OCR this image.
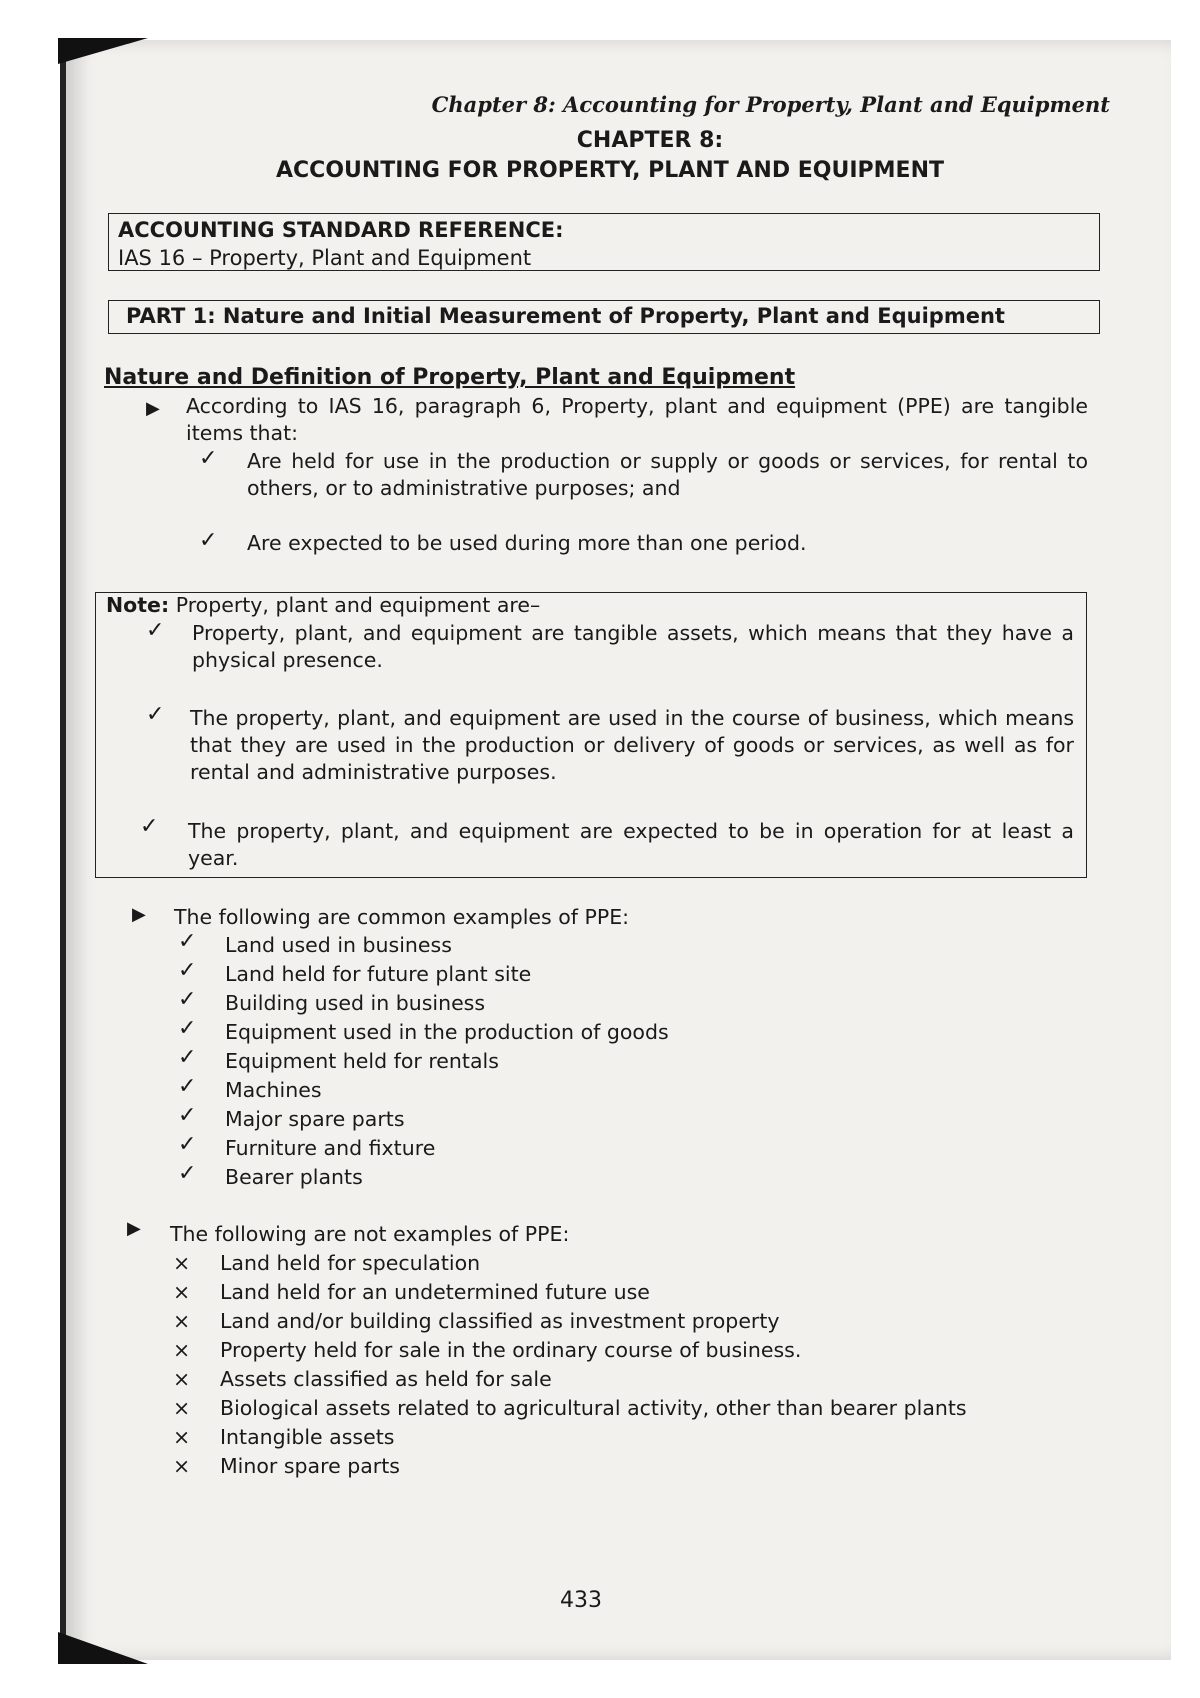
Chapter 8: Accounting for Property, Plant and Equipment
CHAPTER 8:
ACCOUNTING FOR PROPERTY, PLANT AND EQUIPMENT
ACCOUNTING STANDARD REFERENCE:
IAS 16 – Property, Plant and Equipment
PART 1: Nature and Initial Measurement of Property, Plant and Equipment
Nature and Definition of Property, Plant and Equipment
▶ According to IAS 16, paragraph 6, Property, plant and equipment (PPE) are tangible items that:
✓ Are held for use in the production or supply or goods or services, for rental to others, or to administrative purposes; and
✓ Are expected to be used during more than one period.
Note: Property, plant and equipment are–
✓ Property, plant, and equipment are tangible assets, which means that they have a physical presence.
✓ The property, plant, and equipment are used in the course of business, which means that they are used in the production or delivery of goods or services, as well as for rental and administrative purposes.
✓ The property, plant, and equipment are expected to be in operation for at least a year.
▶ The following are common examples of PPE:
✓ Land used in business
✓ Land held for future plant site
✓ Building used in business
✓ Equipment used in the production of goods
✓ Equipment held for rentals
✓ Machines
✓ Major spare parts
✓ Furniture and fixture
✓ Bearer plants
▶ The following are not examples of PPE:
× Land held for speculation
× Land held for an undetermined future use
× Land and/or building classified as investment property
× Property held for sale in the ordinary course of business.
× Assets classified as held for sale
× Biological assets related to agricultural activity, other than bearer plants
× Intangible assets
× Minor spare parts
433
